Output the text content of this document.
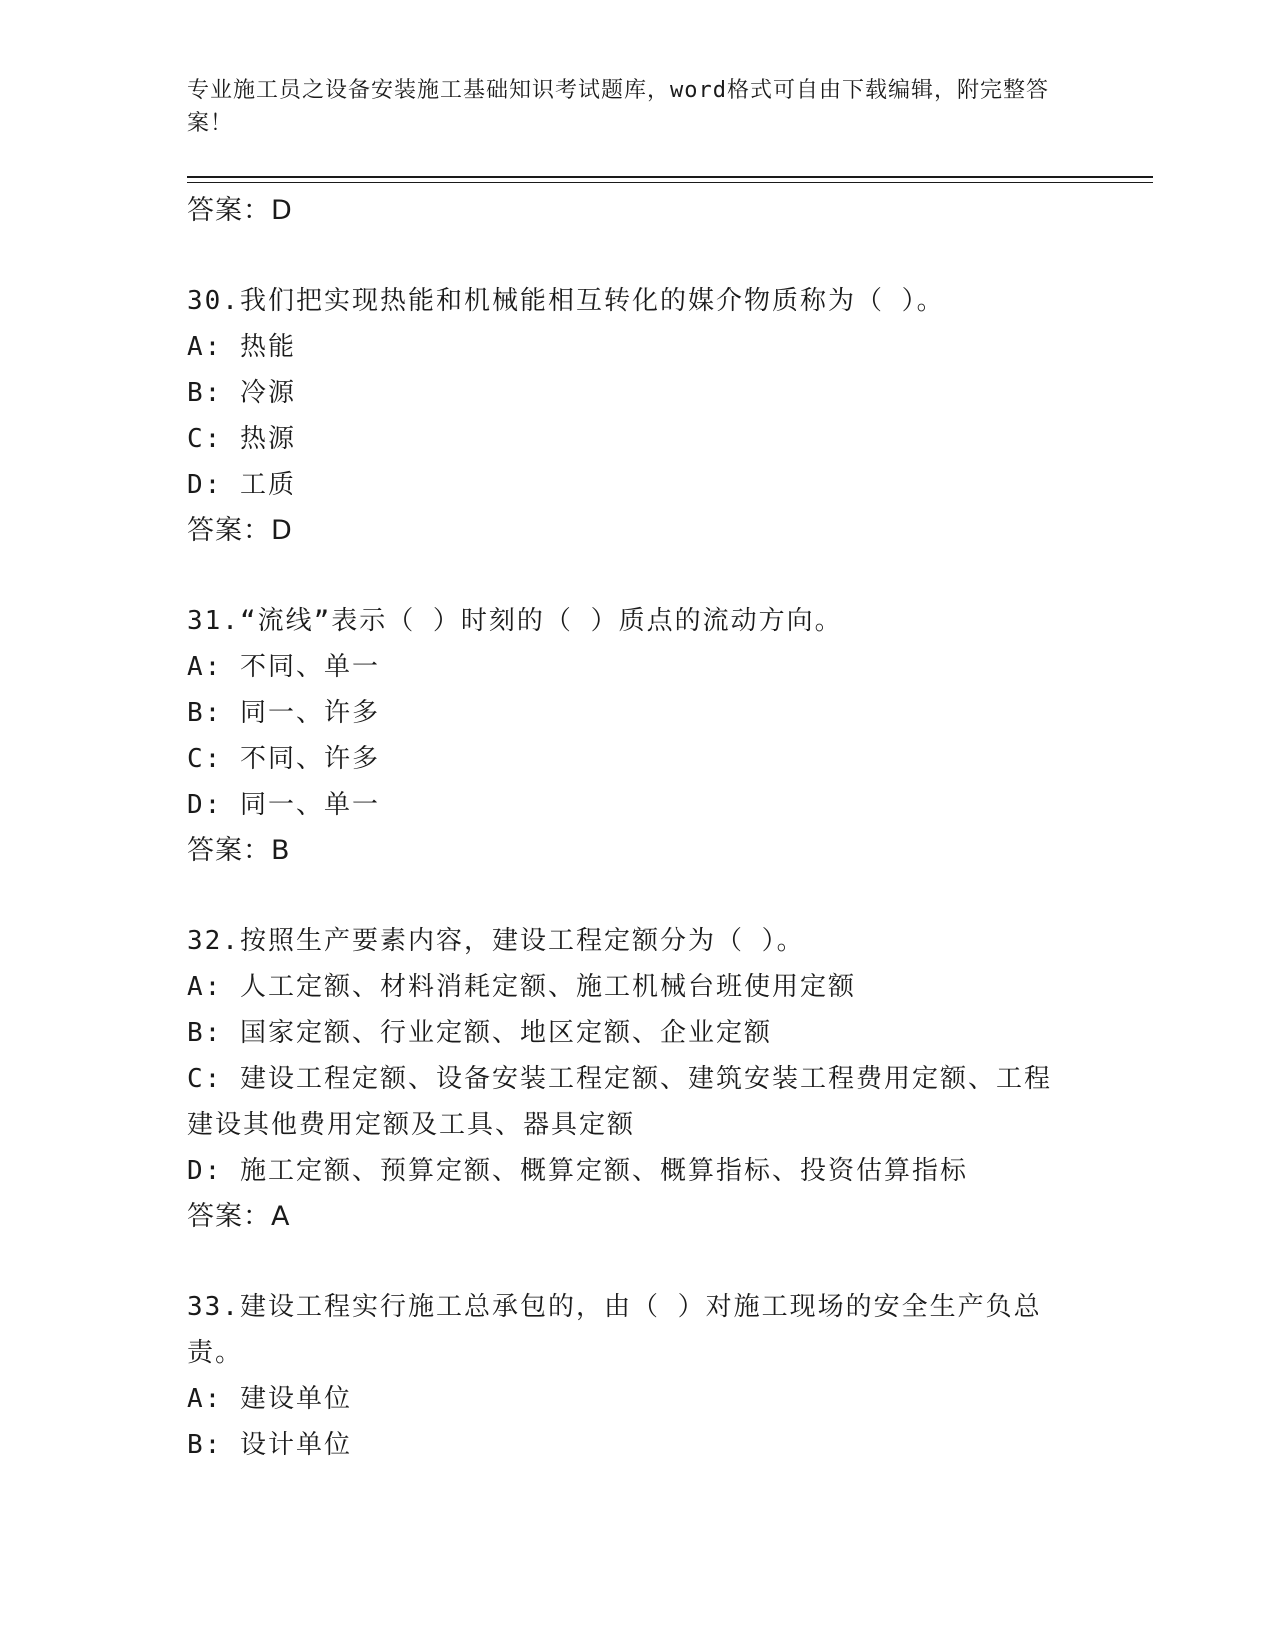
专业施工员之设备安装施工基础知识考试题库，word格式可自由下载编辑，附完整答案！

答案：D

30.我们把实现热能和机械能相互转化的媒介物质称为（ ）。

A: 热能

B: 冷源

C: 热源

D: 工质

答案：D

31.“流线”表示（ ）时刻的（ ）质点的流动方向。

A: 不同、单一

B: 同一、许多

C: 不同、许多

D: 同一、单一

答案：B

32.按照生产要素内容，建设工程定额分为（ ）。

A: 人工定额、材料消耗定额、施工机械台班使用定额

B: 国家定额、行业定额、地区定额、企业定额

C: 建设工程定额、设备安装工程定额、建筑安装工程费用定额、工程建设其他费用定额及工具、器具定额

D: 施工定额、预算定额、概算定额、概算指标、投资估算指标

答案：A

33.建设工程实行施工总承包的，由（ ）对施工现场的安全生产负总责。

A: 建设单位

B: 设计单位
